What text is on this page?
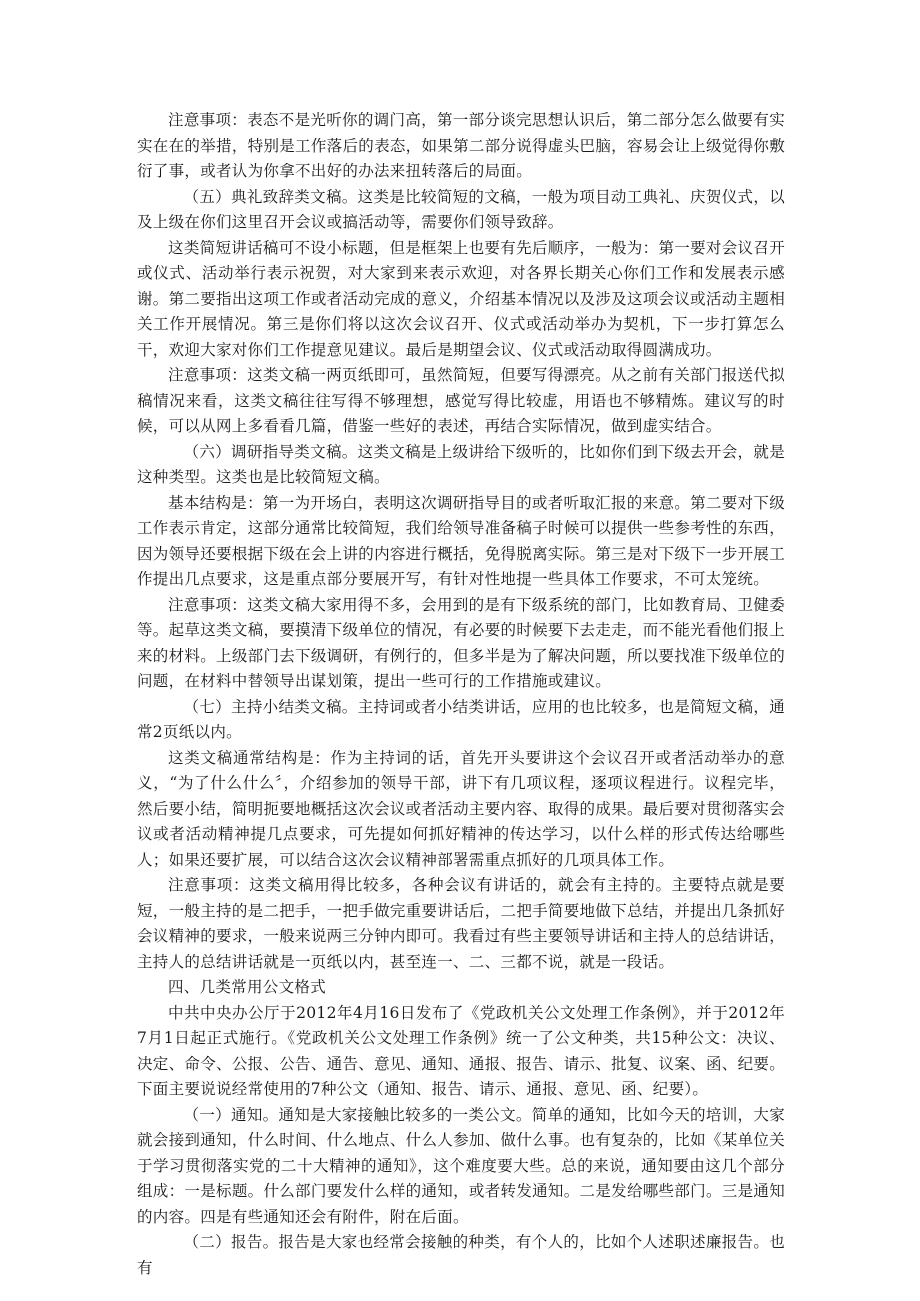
注意事项：表态不是光听你的调门高，第一部分谈完思想认识后，第二部分怎么做要有实实在在的举措，特别是工作落后的表态，如果第二部分说得虚头巴脑，容易会让上级觉得你敷衍了事，或者认为你拿不出好的办法来扭转落后的局面。

（五）典礼致辞类文稿。这类是比较简短的文稿，一般为项目动工典礼、庆贺仪式，以及上级在你们这里召开会议或搞活动等，需要你们领导致辞。

这类简短讲话稿可不设小标题，但是框架上也要有先后顺序，一般为：第一要对会议召开或仪式、活动举行表示祝贺，对大家到来表示欢迎，对各界长期关心你们工作和发展表示感谢。第二要指出这项工作或者活动完成的意义，介绍基本情况以及涉及这项会议或活动主题相关工作开展情况。第三是你们将以这次会议召开、仪式或活动举办为契机，下一步打算怎么干，欢迎大家对你们工作提意见建议。最后是期望会议、仪式或活动取得圆满成功。

注意事项：这类文稿一两页纸即可，虽然简短，但要写得漂亮。从之前有关部门报送代拟稿情况来看，这类文稿往往写得不够理想，感觉写得比较虚，用语也不够精炼。建议写的时候，可以从网上多看看几篇，借鉴一些好的表述，再结合实际情况，做到虚实结合。

（六）调研指导类文稿。这类文稿是上级讲给下级听的，比如你们到下级去开会，就是这种类型。这类也是比较简短文稿。

基本结构是：第一为开场白，表明这次调研指导目的或者听取汇报的来意。第二要对下级工作表示肯定，这部分通常比较简短，我们给领导准备稿子时候可以提供一些参考性的东西，因为领导还要根据下级在会上讲的内容进行概括，免得脱离实际。第三是对下级下一步开展工作提出几点要求，这是重点部分要展开写，有针对性地提一些具体工作要求，不可太笼统。

注意事项：这类文稿大家用得不多，会用到的是有下级系统的部门，比如教育局、卫健委等。起草这类文稿，要摸清下级单位的情况，有必要的时候要下去走走，而不能光看他们报上来的材料。上级部门去下级调研，有例行的，但多半是为了解决问题，所以要找准下级单位的问题，在材料中替领导出谋划策，提出一些可行的工作措施或建议。

（七）主持小结类文稿。主持词或者小结类讲话，应用的也比较多，也是简短文稿，通常2页纸以内。

这类文稿通常结构是：作为主持词的话，首先开头要讲这个会议召开或者活动举办的意义，“为了什么什么〞，介绍参加的领导干部，讲下有几项议程，逐项议程进行。议程完毕，然后要小结，简明扼要地概括这次会议或者活动主要内容、取得的成果。最后要对贯彻落实会议或者活动精神提几点要求，可先提如何抓好精神的传达学习，以什么样的形式传达给哪些人；如果还要扩展，可以结合这次会议精神部署需重点抓好的几项具体工作。

注意事项：这类文稿用得比较多，各种会议有讲话的，就会有主持的。主要特点就是要短，一般主持的是二把手，一把手做完重要讲话后，二把手简要地做下总结，并提出几条抓好会议精神的要求，一般来说两三分钟内即可。我看过有些主要领导讲话和主持人的总结讲话，主持人的总结讲话就是一页纸以内，甚至连一、二、三都不说，就是一段话。

四、几类常用公文格式

中共中央办公厅于2012年4月16日发布了《党政机关公文处理工作条例》，并于2012年7月1日起正式施行。《党政机关公文处理工作条例》统一了公文种类，共15种公文：决议、决定、命令、公报、公告、通告、意见、通知、通报、报告、请示、批复、议案、函、纪要。下面主要说说经常使用的7种公文（通知、报告、请示、通报、意见、函、纪要）。

（一）通知。通知是大家接触比较多的一类公文。简单的通知，比如今天的培训，大家就会接到通知，什么时间、什么地点、什么人参加、做什么事。也有复杂的，比如《某单位关于学习贯彻落实党的二十大精神的通知》，这个难度要大些。总的来说，通知要由这几个部分组成：一是标题。什么部门要发什么样的通知，或者转发通知。二是发给哪些部门。三是通知的内容。四是有些通知还会有附件，附在后面。

（二）报告。报告是大家也经常会接触的种类，有个人的，比如个人述职述廉报告。也有
